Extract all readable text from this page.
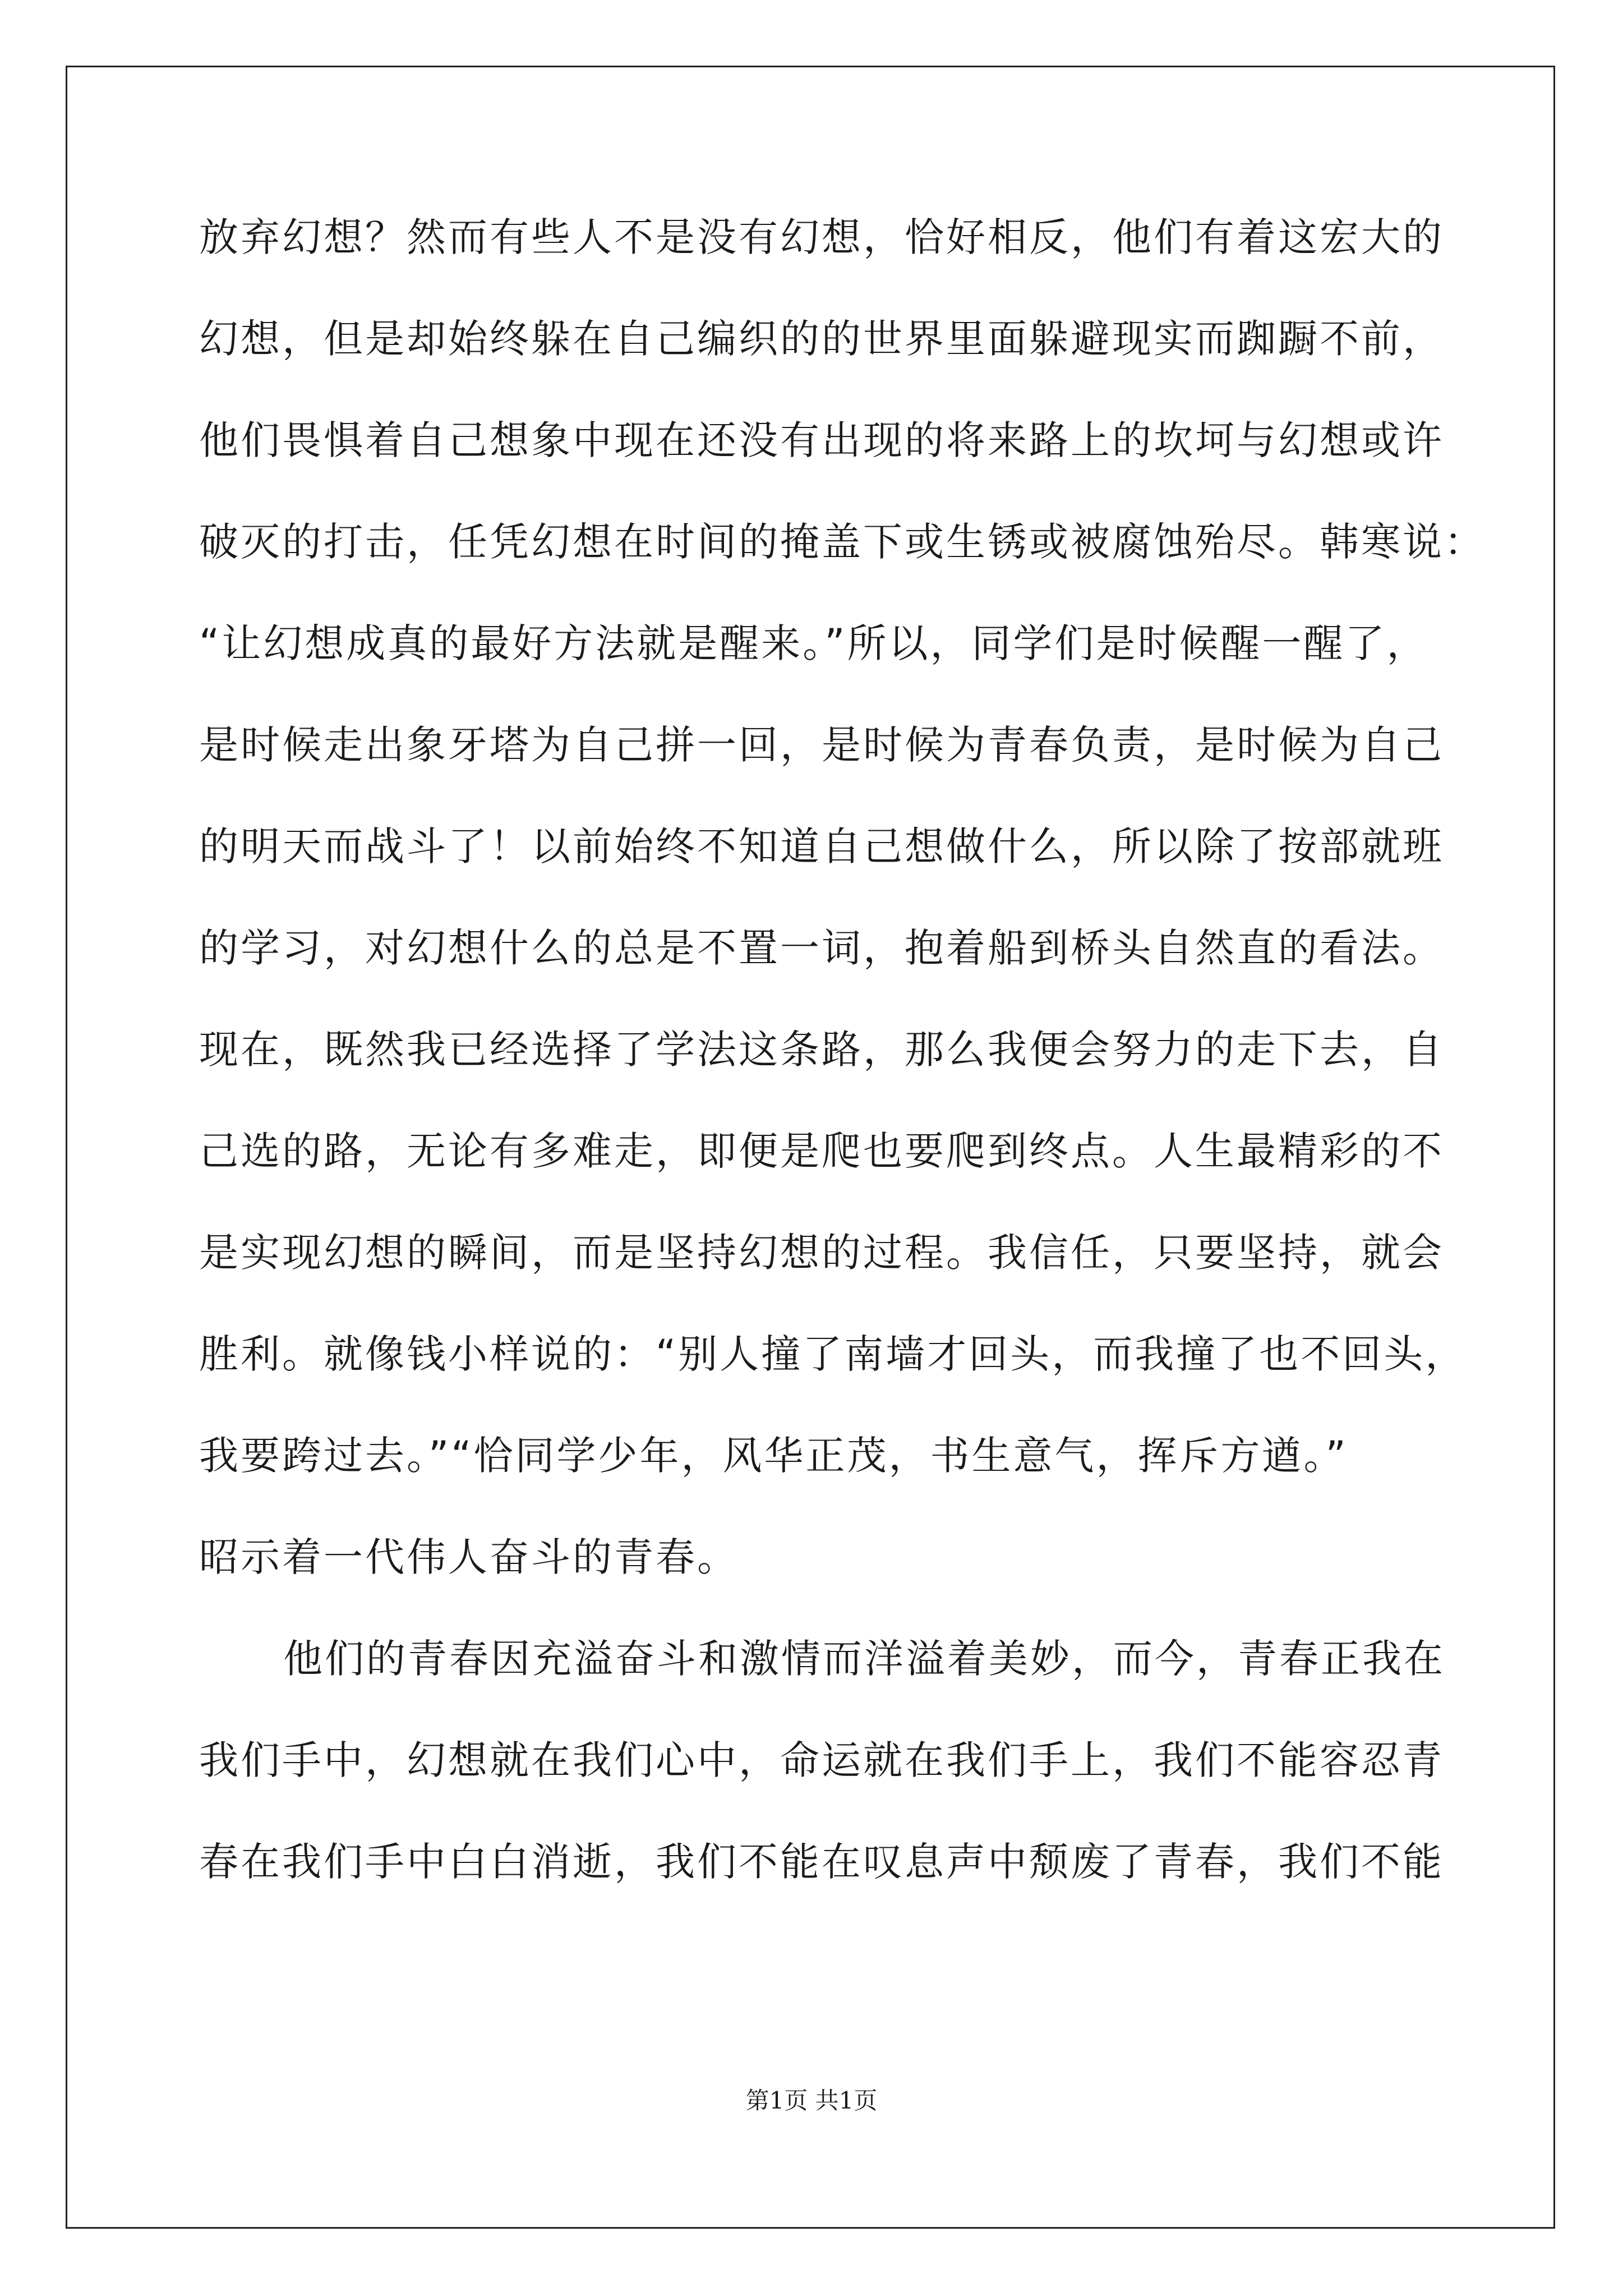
放弃幻想？然而有些人不是没有幻想，恰好相反，他们有着这宏大的
幻想，但是却始终躲在自己编织的的世界里面躲避现实而踟蹰不前，
他们畏惧着自己想象中现在还没有出现的将来路上的坎坷与幻想或许
破灭的打击，任凭幻想在时间的掩盖下或生锈或被腐蚀殆尽。韩寒说：
“让幻想成真的最好方法就是醒来。”所以，同学们是时候醒一醒了，
是时候走出象牙塔为自己拼一回，是时候为青春负责，是时候为自己
的明天而战斗了！以前始终不知道自己想做什么，所以除了按部就班
的学习，对幻想什么的总是不置一词，抱着船到桥头自然直的看法。
现在，既然我已经选择了学法这条路，那么我便会努力的走下去，自
己选的路，无论有多难走，即便是爬也要爬到终点。人生最精彩的不
是实现幻想的瞬间，而是坚持幻想的过程。我信任，只要坚持，就会
胜利。就像钱小样说的：“别人撞了南墙才回头，而我撞了也不回头，
我要跨过去。”“恰同学少年，风华正茂，书生意气，挥斥方遒。”
昭示着一代伟人奋斗的青春。
他们的青春因充溢奋斗和激情而洋溢着美妙，而今，青春正我在
我们手中，幻想就在我们心中，命运就在我们手上，我们不能容忍青
春在我们手中白白消逝，我们不能在叹息声中颓废了青春，我们不能
第1页 共1页
